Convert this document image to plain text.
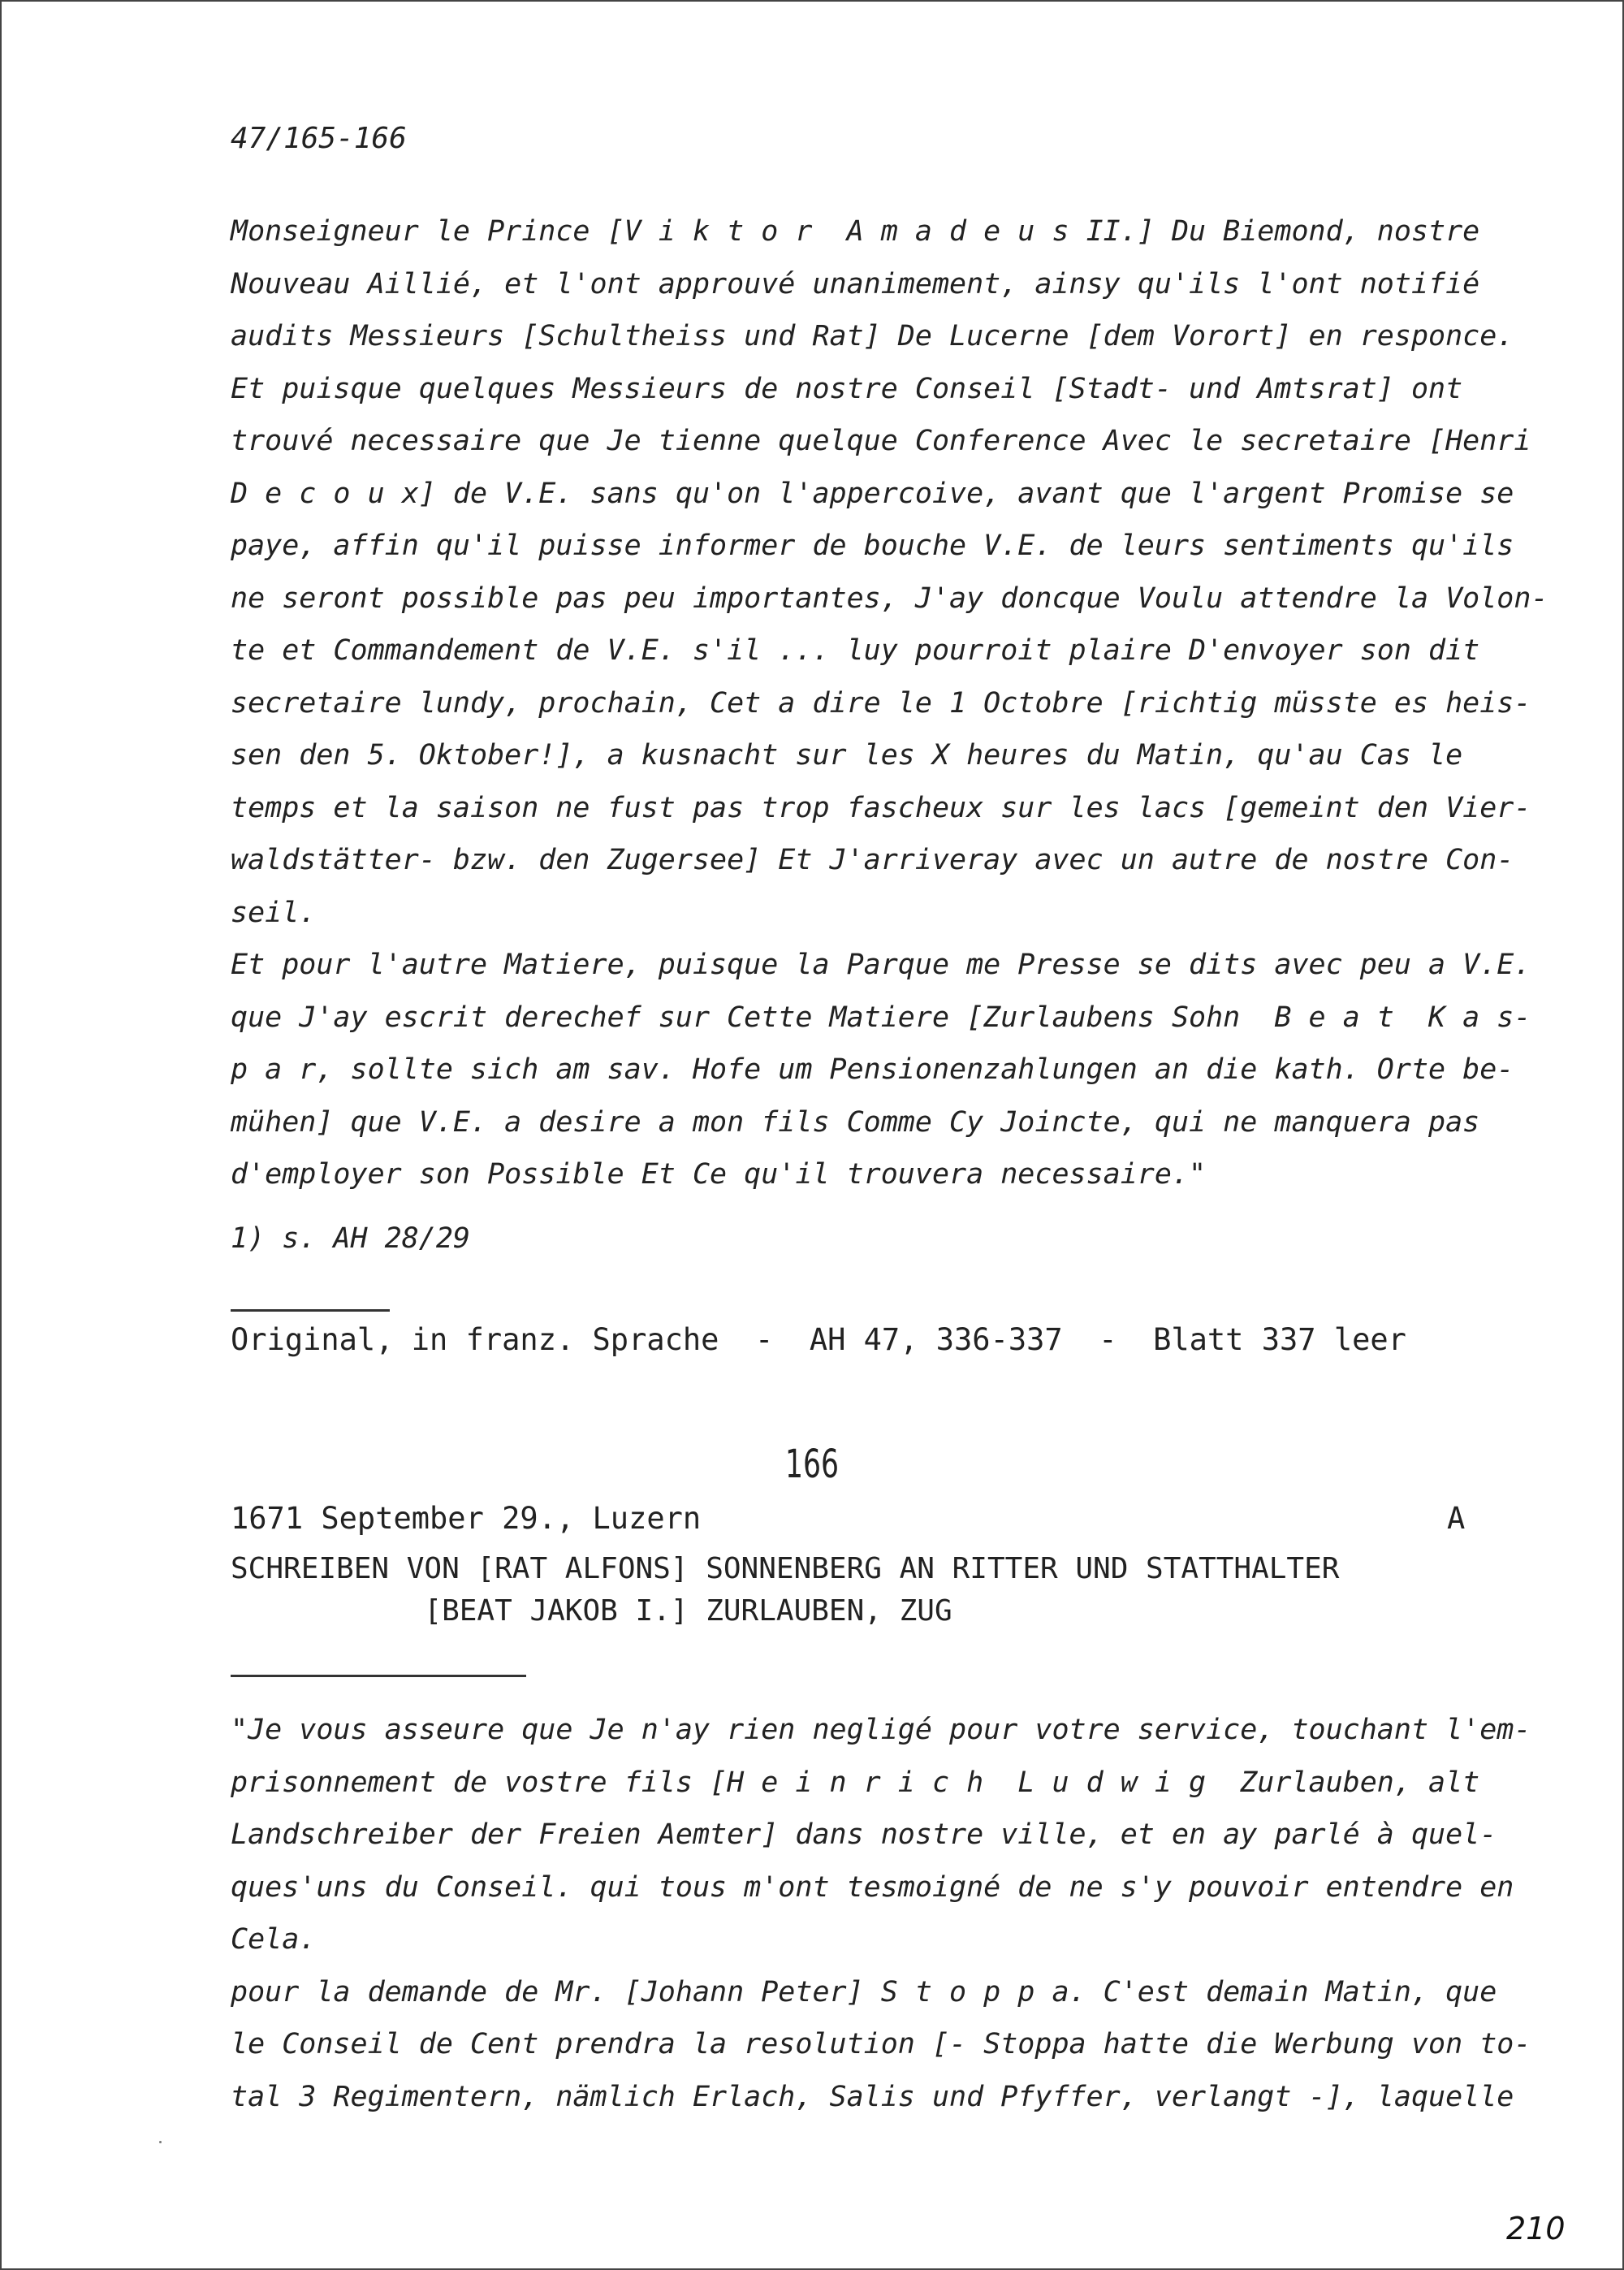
47/165-166

Monseigneur le Prince [V i k t o r  A m a d e u s II.] Du Biemond, nostre
Nouveau Aillié, et l'ont approuvé unanimement, ainsy qu'ils l'ont notifié
audits Messieurs [Schultheiss und Rat] De Lucerne [dem Vorort] en responce.
Et puisque quelques Messieurs de nostre Conseil [Stadt- und Amtsrat] ont
trouvé necessaire que Je tienne quelque Conference Avec le secretaire [Henri
D e c o u x] de V.E. sans qu'on l'appercoive, avant que l'argent Promise se
paye, affin qu'il puisse informer de bouche V.E. de leurs sentiments qu'ils
ne seront possible pas peu importantes, J'ay doncque Voulu attendre la Volon-
te et Commandement de V.E. s'il ... luy pourroit plaire D'envoyer son dit
secretaire lundy, prochain, Cet a dire le 1 Octobre [richtig müsste es heis-
sen den 5. Oktober!], a kusnacht sur les X heures du Matin, qu'au Cas le
temps et la saison ne fust pas trop fascheux sur les lacs [gemeint den Vier-
waldstätter- bzw. den Zugersee] Et J'arriveray avec un autre de nostre Con-
seil.
Et pour l'autre Matiere, puisque la Parque me Presse se dits avec peu a V.E.
que J'ay escrit derechef sur Cette Matiere [Zurlaubens Sohn  B e a t  K a s-
p a r, sollte sich am sav. Hofe um Pensionenzahlungen an die kath. Orte be-
mühen] que V.E. a desire a mon fils Comme Cy Joincte, qui ne manquera pas
d'employer son Possible Et Ce qu'il trouvera necessaire."

1) s. AH 28/29
Original, in franz. Sprache  -  AH 47, 336-337  -  Blatt 337 leer
166
1671 September 29., Luzern	A
SCHREIBEN VON [RAT ALFONS] SONNENBERG AN RITTER UND STATTHALTER
[BEAT JAKOB I.] ZURLAUBEN, ZUG

"Je vous asseure que Je n'ay rien negligé pour votre service, touchant l'em-
prisonnement de vostre fils [H e i n r i c h  L u d w i g  Zurlauben, alt
Landschreiber der Freien Aemter] dans nostre ville, et en ay parlé à quel-
ques'uns du Conseil. qui tous m'ont tesmoigné de ne s'y pouvoir entendre en
Cela.
pour la demande de Mr. [Johann Peter] S t o p p a. C'est demain Matin, que
le Conseil de Cent prendra la resolution [- Stoppa hatte die Werbung von to-
tal 3 Regimentern, nämlich Erlach, Salis und Pfyffer, verlangt -], laquelle

210
